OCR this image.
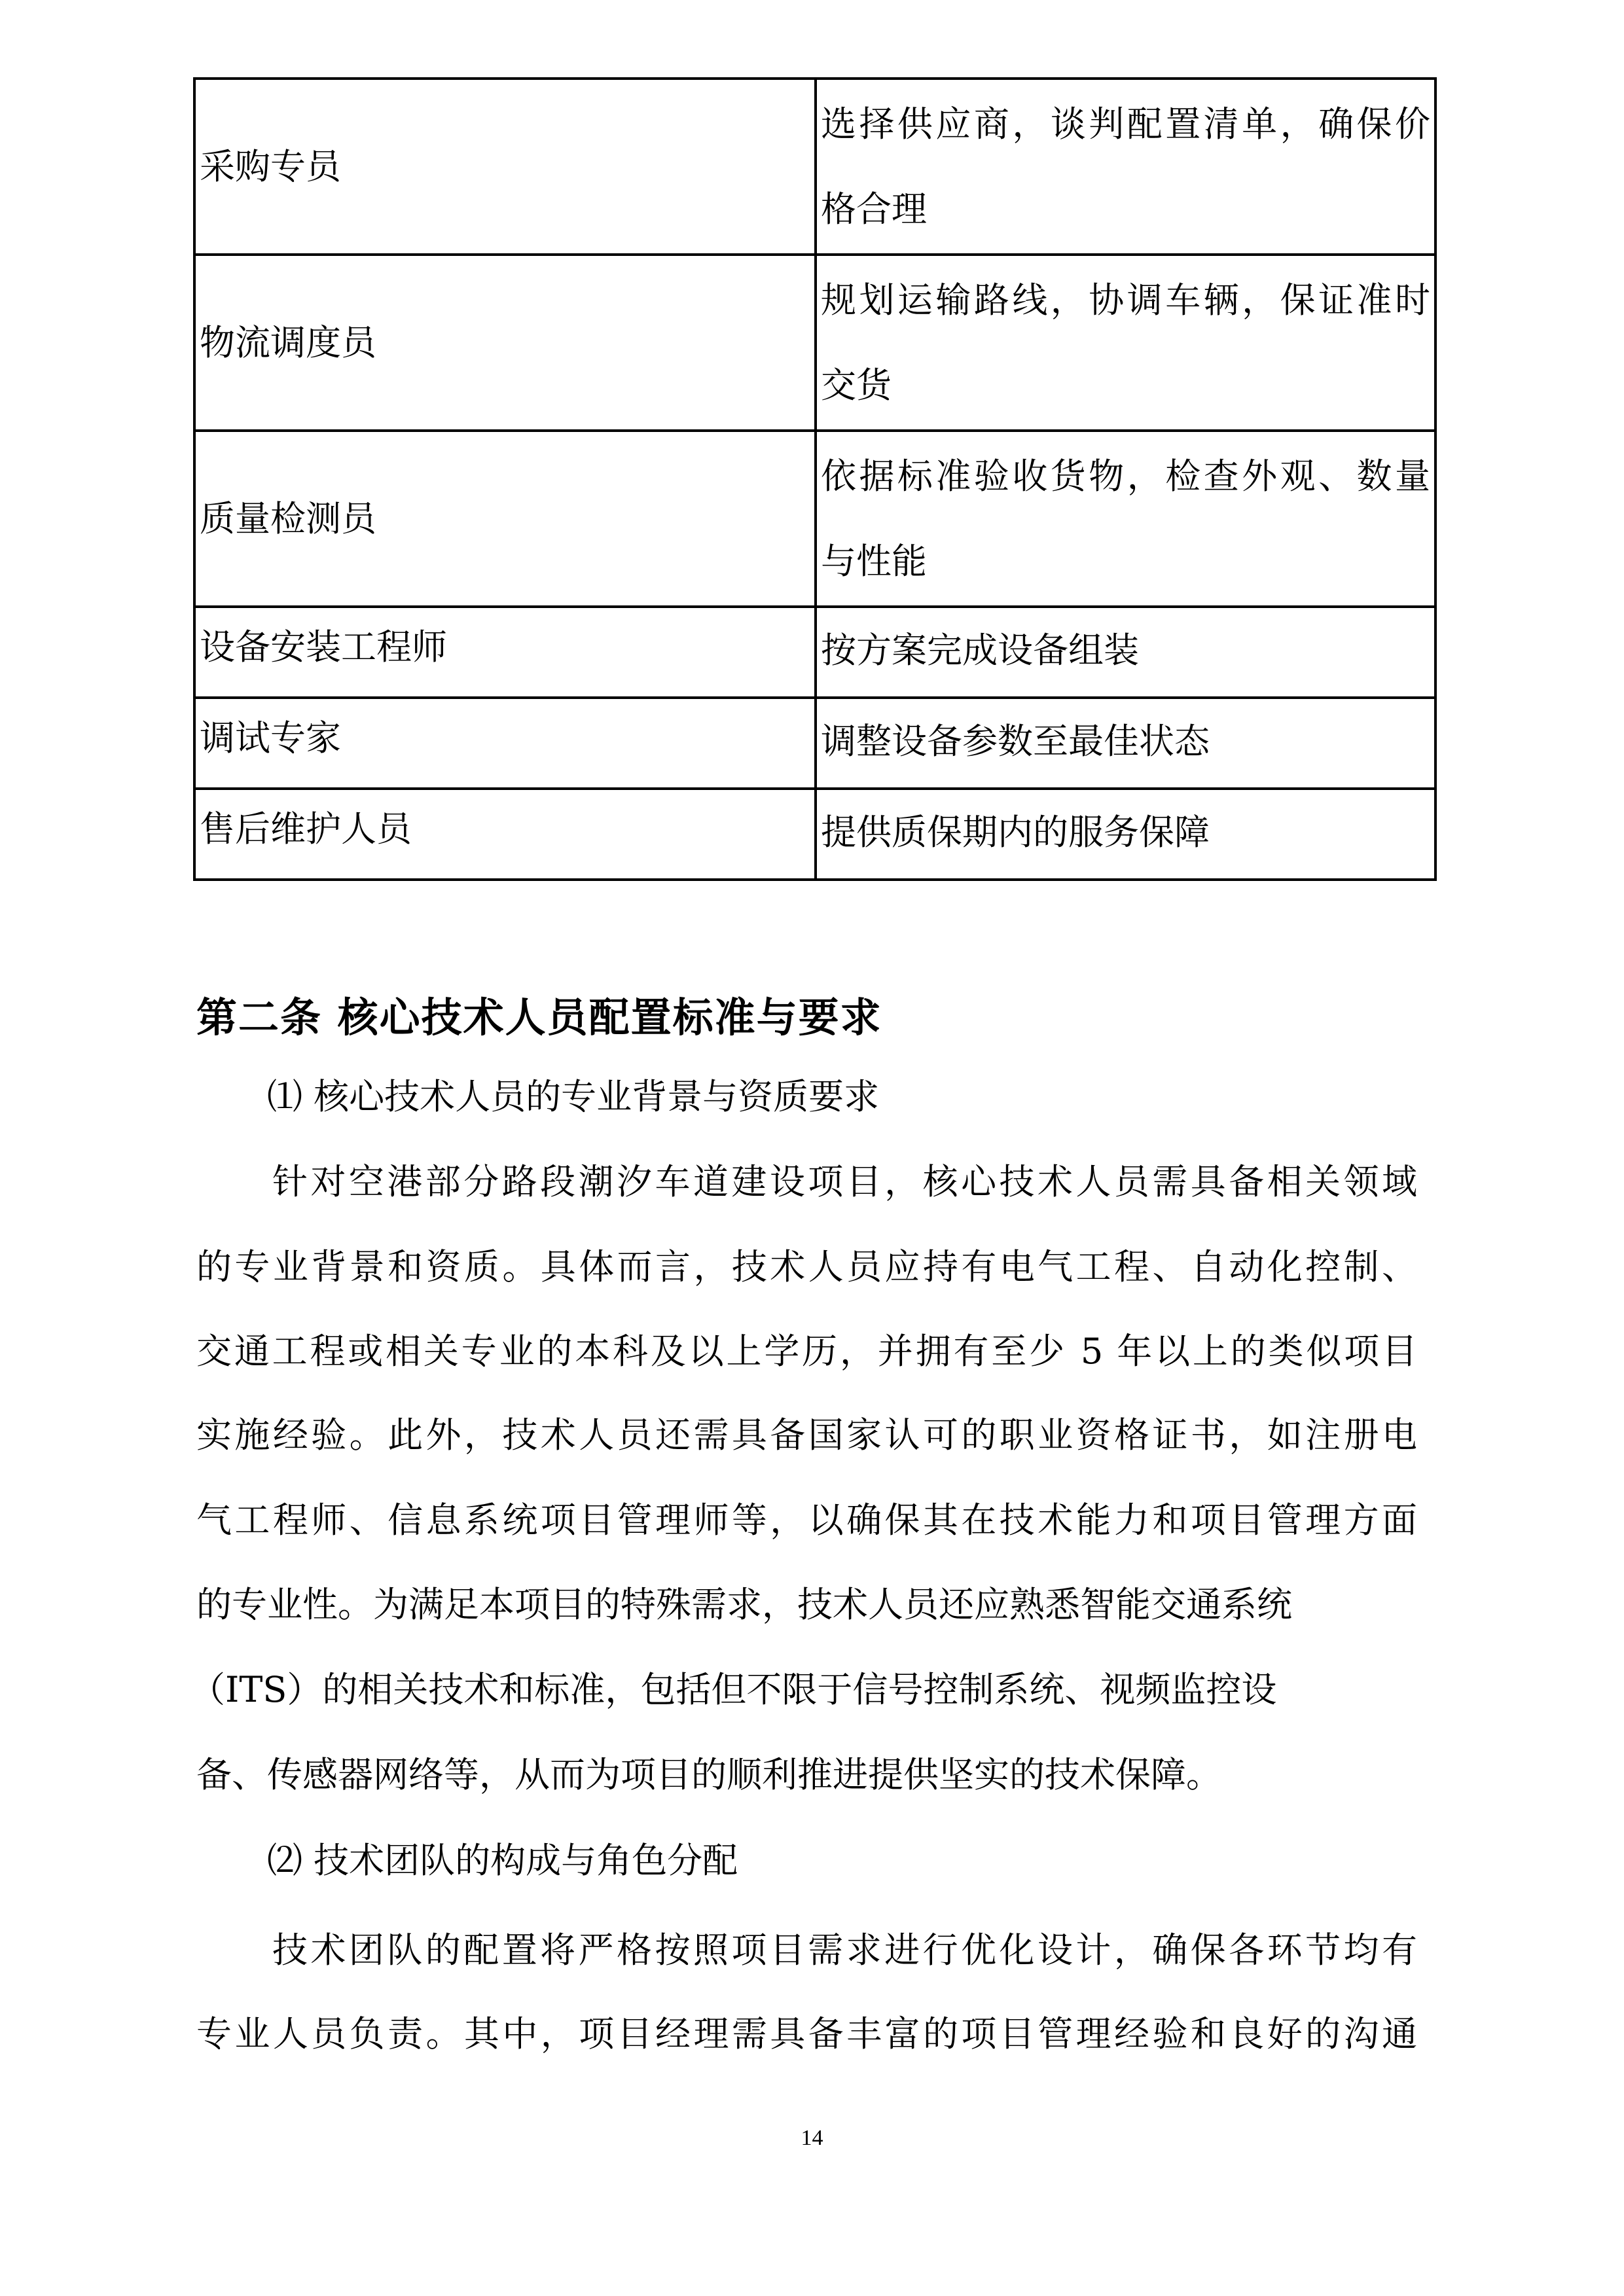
采购专员	选择供应商，谈判配置清单，确保价
格合理

物流调度员	规划运输路线，协调车辆，保证准时
交货

质量检测员	依据标准验收货物，检查外观、数量
与性能

设备安装工程师	按方案完成设备组装

调试专家	调整设备参数至最佳状态

售后维护人员	提供质保期内的服务保障
第二条 核心技术人员配置标准与要求
⑴ 核心技术人员的专业背景与资质要求
针对空港部分路段潮汐车道建设项目，核心技术人员需具备相关领域
的专业背景和资质。具体而言，技术人员应持有电气工程、自动化控制、
交通工程或相关专业的本科及以上学历，并拥有至少 5 年以上的类似项目
实施经验。此外，技术人员还需具备国家认可的职业资格证书，如注册电
气工程师、信息系统项目管理师等，以确保其在技术能力和项目管理方面
的专业性。为满足本项目的特殊需求，技术人员还应熟悉智能交通系统
（ITS）的相关技术和标准，包括但不限于信号控制系统、视频监控设
备、传感器网络等，从而为项目的顺利推进提供坚实的技术保障。
⑵ 技术团队的构成与角色分配
技术团队的配置将严格按照项目需求进行优化设计，确保各环节均有
专业人员负责。其中，项目经理需具备丰富的项目管理经验和良好的沟通
14
